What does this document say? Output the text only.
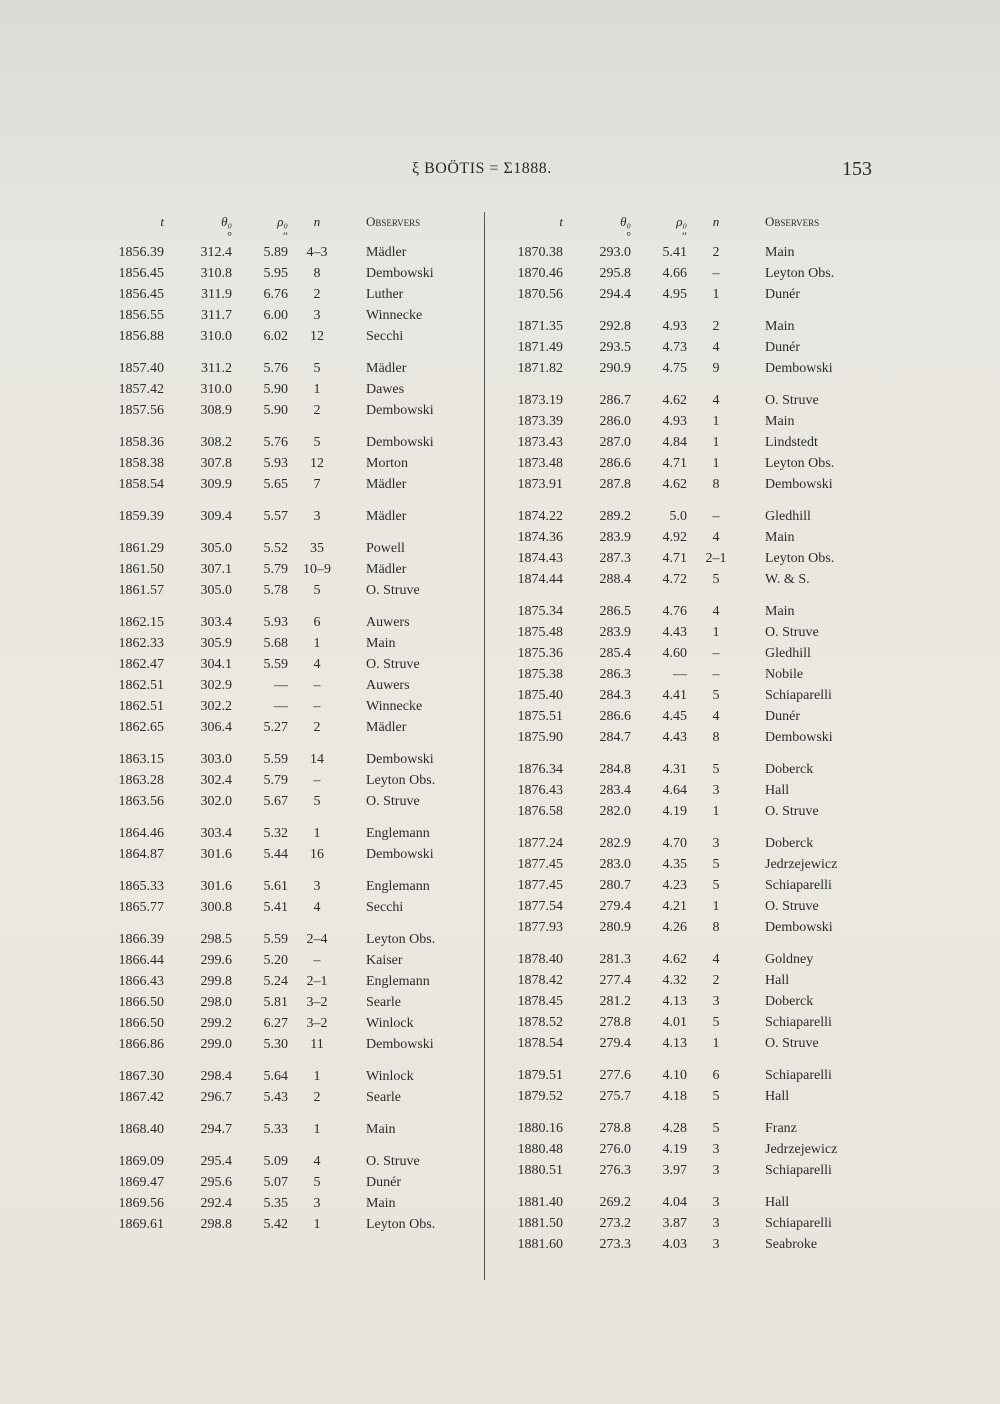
ξ BOÖTIS = Σ1888.	153
t	θ₀	ρ₀	n	Observers
°	″
1856.39	312.4	5.89	4–3	Mädler
1856.45	310.8	5.95	8	Dembowski
1856.45	311.9	6.76	2	Luther
1856.55	311.7	6.00	3	Winnecke
1856.88	310.0	6.02	12	Secchi
1857.40	311.2	5.76	5	Mädler
1857.42	310.0	5.90	1	Dawes
1857.56	308.9	5.90	2	Dembowski
1858.36	308.2	5.76	5	Dembowski
1858.38	307.8	5.93	12	Morton
1858.54	309.9	5.65	7	Mädler
1859.39	309.4	5.57	3	Mädler
1861.29	305.0	5.52	35	Powell
1861.50	307.1	5.79	10–9	Mädler
1861.57	305.0	5.78	5	O. Struve
1862.15	303.4	5.93	6	Auwers
1862.33	305.9	5.68	1	Main
1862.47	304.1	5.59	4	O. Struve
1862.51	302.9	—	–	Auwers
1862.51	302.2	—	–	Winnecke
1862.65	306.4	5.27	2	Mädler
1863.15	303.0	5.59	14	Dembowski
1863.28	302.4	5.79	–	Leyton Obs.
1863.56	302.0	5.67	5	O. Struve
1864.46	303.4	5.32	1	Englemann
1864.87	301.6	5.44	16	Dembowski
1865.33	301.6	5.61	3	Englemann
1865.77	300.8	5.41	4	Secchi
1866.39	298.5	5.59	2–4	Leyton Obs.
1866.44	299.6	5.20	–	Kaiser
1866.43	299.8	5.24	2–1	Englemann
1866.50	298.0	5.81	3–2	Searle
1866.50	299.2	6.27	3–2	Winlock
1866.86	299.0	5.30	11	Dembowski
1867.30	298.4	5.64	1	Winlock
1867.42	296.7	5.43	2	Searle
1868.40	294.7	5.33	1	Main
1869.09	295.4	5.09	4	O. Struve
1869.47	295.6	5.07	5	Dunér
1869.56	292.4	5.35	3	Main
1869.61	298.8	5.42	1	Leyton Obs.
t	θ₀	ρ₀	n	Observers
°	″
1870.38	293.0	5.41	2	Main
1870.46	295.8	4.66	–	Leyton Obs.
1870.56	294.4	4.95	1	Dunér
1871.35	292.8	4.93	2	Main
1871.49	293.5	4.73	4	Dunér
1871.82	290.9	4.75	9	Dembowski
1873.19	286.7	4.62	4	O. Struve
1873.39	286.0	4.93	1	Main
1873.43	287.0	4.84	1	Lindstedt
1873.48	286.6	4.71	1	Leyton Obs.
1873.91	287.8	4.62	8	Dembowski
1874.22	289.2	5.0	–	Gledhill
1874.36	283.9	4.92	4	Main
1874.43	287.3	4.71	2–1	Leyton Obs.
1874.44	288.4	4.72	5	W. & S.
1875.34	286.5	4.76	4	Main
1875.48	283.9	4.43	1	O. Struve
1875.36	285.4	4.60	–	Gledhill
1875.38	286.3	—	–	Nobile
1875.40	284.3	4.41	5	Schiaparelli
1875.51	286.6	4.45	4	Dunér
1875.90	284.7	4.43	8	Dembowski
1876.34	284.8	4.31	5	Doberck
1876.43	283.4	4.64	3	Hall
1876.58	282.0	4.19	1	O. Struve
1877.24	282.9	4.70	3	Doberck
1877.45	283.0	4.35	5	Jedrzejewicz
1877.45	280.7	4.23	5	Schiaparelli
1877.54	279.4	4.21	1	O. Struve
1877.93	280.9	4.26	8	Dembowski
1878.40	281.3	4.62	4	Goldney
1878.42	277.4	4.32	2	Hall
1878.45	281.2	4.13	3	Doberck
1878.52	278.8	4.01	5	Schiaparelli
1878.54	279.4	4.13	1	O. Struve
1879.51	277.6	4.10	6	Schiaparelli
1879.52	275.7	4.18	5	Hall
1880.16	278.8	4.28	5	Franz
1880.48	276.0	4.19	3	Jedrzejewicz
1880.51	276.3	3.97	3	Schiaparelli
1881.40	269.2	4.04	3	Hall
1881.50	273.2	3.87	3	Schiaparelli
1881.60	273.3	4.03	3	Seabroke
